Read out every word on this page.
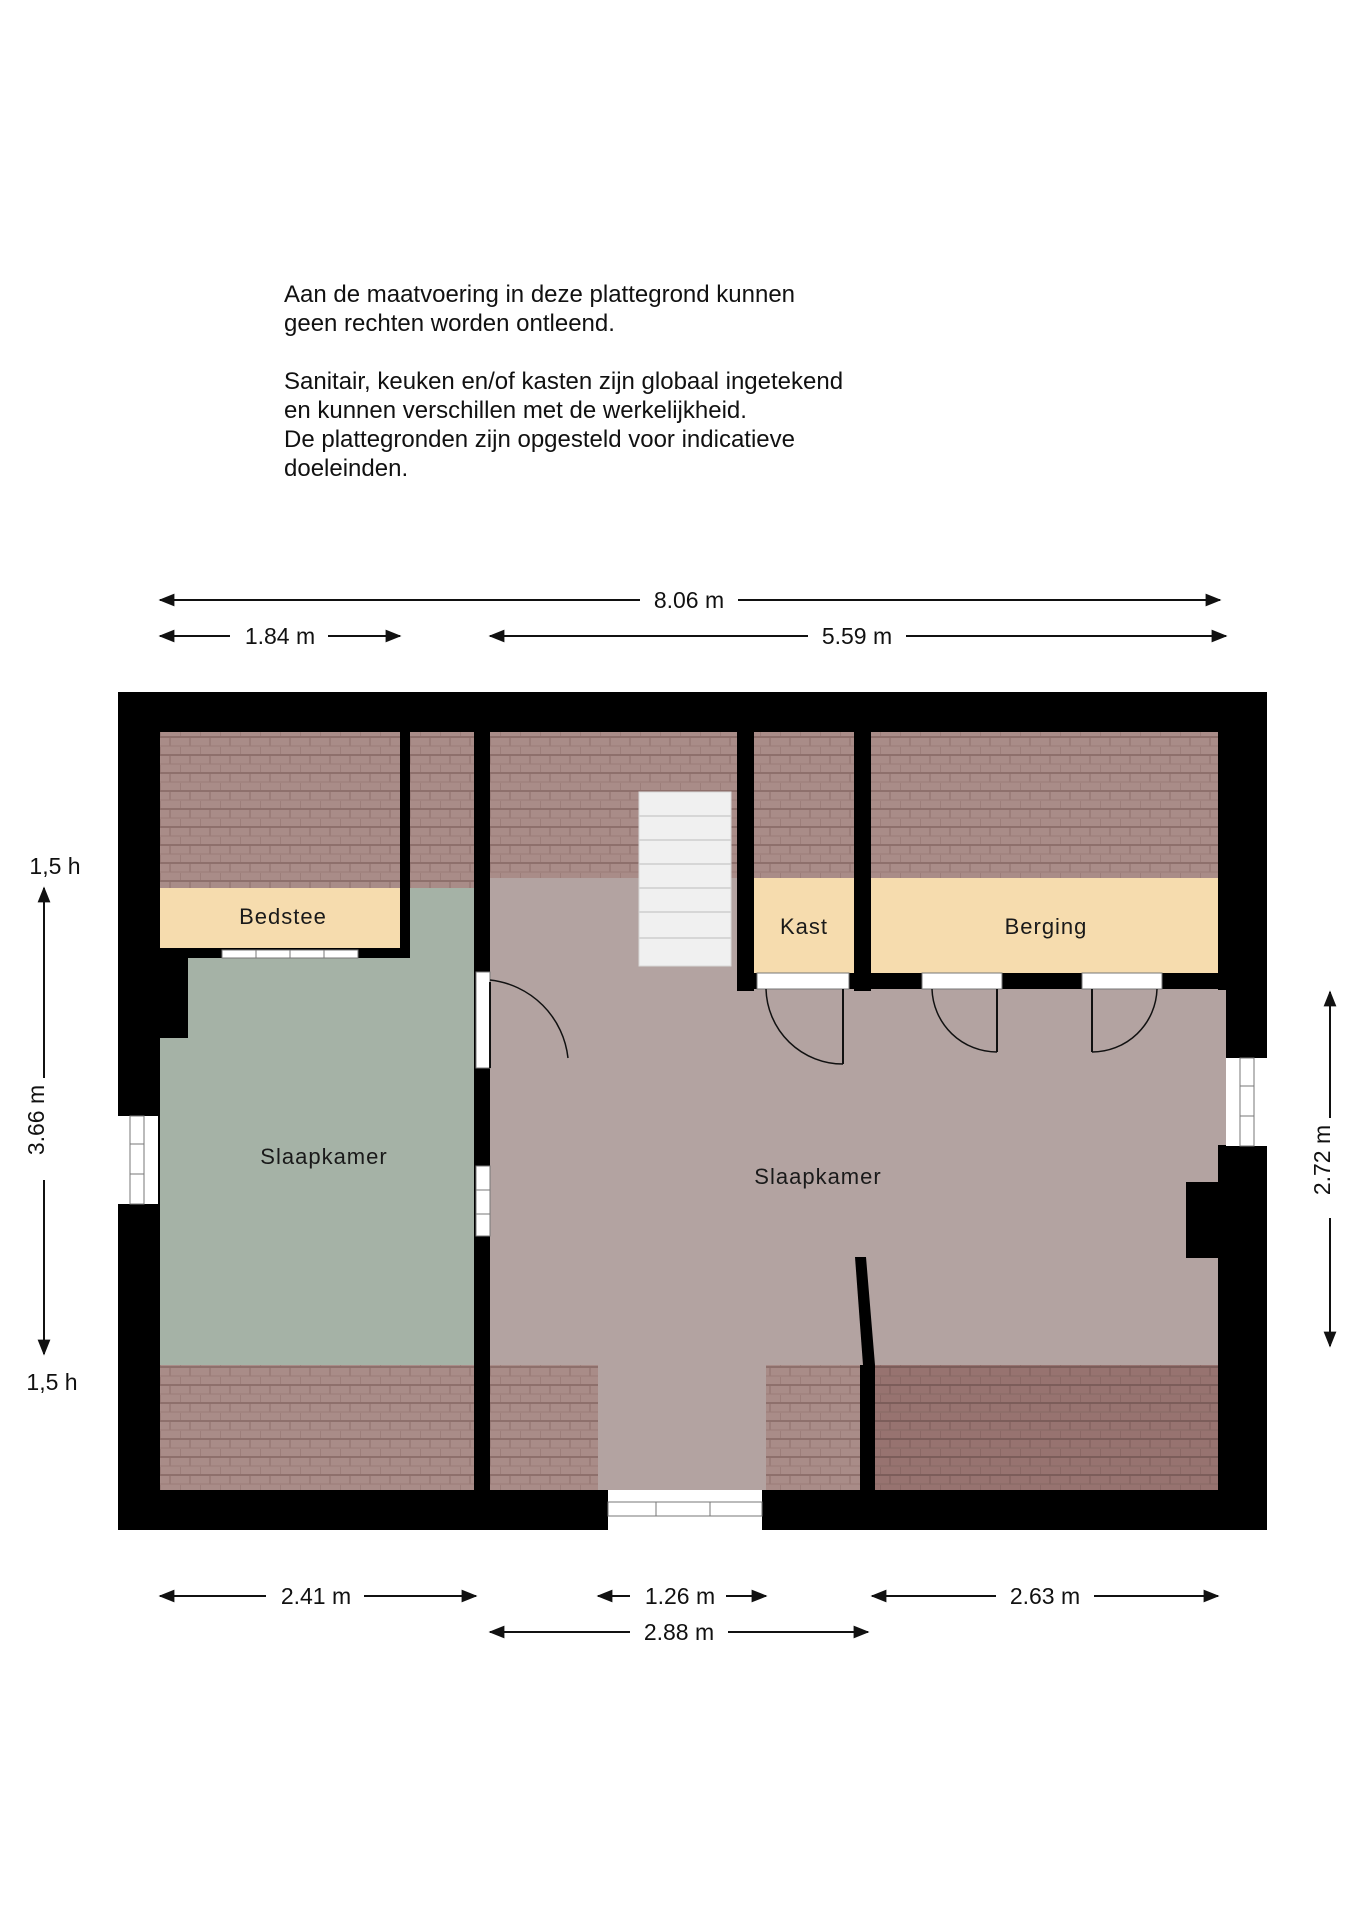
Aan de maatvoering in deze plattegrond kunnen
geen rechten worden ontleend.

Sanitair, keuken en/of kasten zijn globaal ingetekend
en kunnen verschillen met de werkelijkheid.
De plattegronden zijn opgesteld voor indicatieve
doeleinden.

Bedstee	Kast	Berging
Slaapkamer
Slaapkamer
8.06 m
1.84 m	5.59 m
2.41 m	1.26 m	2.63 m
2.88 m
3.66 m
1,5 h
1,5 h
2.72 m
